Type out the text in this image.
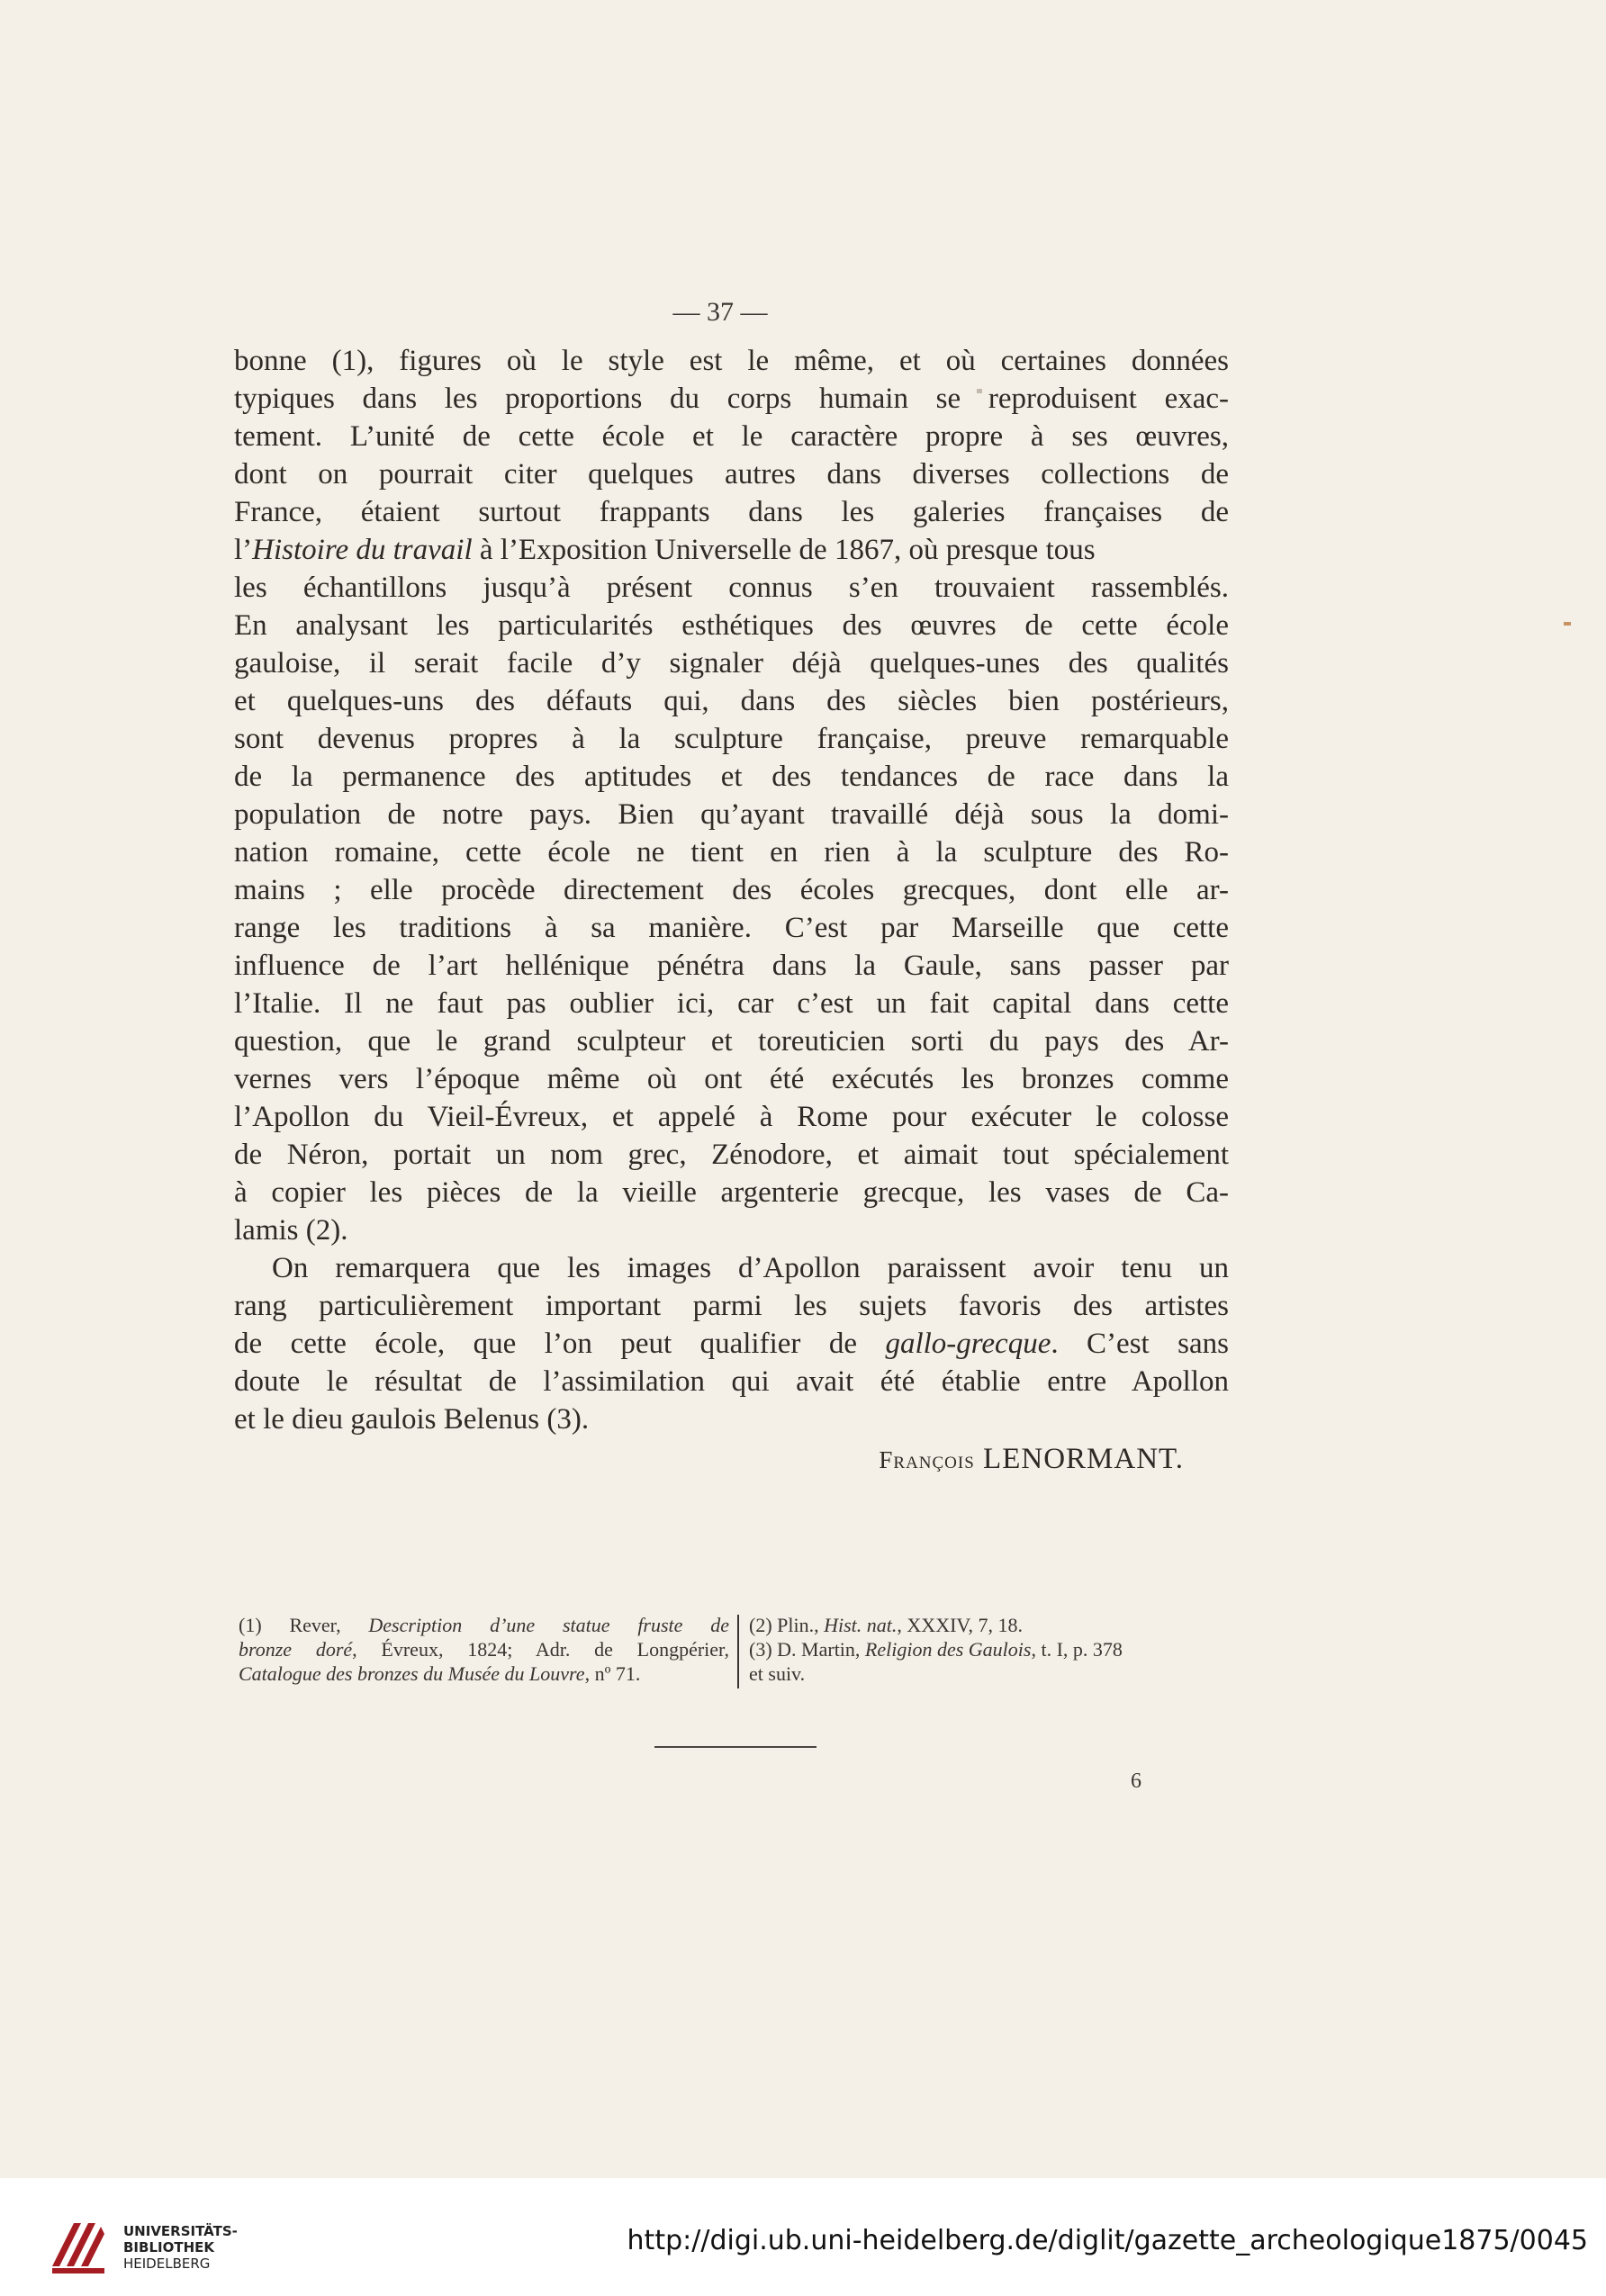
— 37 —
bonne (1), figures où le style est le même, et où certaines données
typiques dans les proportions du corps humain se reproduisent exac-
tement. L’unité de cette école et le caractère propre à ses œuvres,
dont on pourrait citer quelques autres dans diverses collections de
France, étaient surtout frappants dans les galeries françaises de
l’Histoire du travail à l’Exposition Universelle de 1867, où presque tous
les échantillons jusqu’à présent connus s’en trouvaient rassemblés.
En analysant les particularités esthétiques des œuvres de cette école
gauloise, il serait facile d’y signaler déjà quelques-unes des qualités
et quelques-uns des défauts qui, dans des siècles bien postérieurs,
sont devenus propres à la sculpture française, preuve remarquable
de la permanence des aptitudes et des tendances de race dans la
population de notre pays. Bien qu’ayant travaillé déjà sous la domi-
nation romaine, cette école ne tient en rien à la sculpture des Ro-
mains ; elle procède directement des écoles grecques, dont elle ar-
range les traditions à sa manière. C’est par Marseille que cette
influence de l’art hellénique pénétra dans la Gaule, sans passer par
l’Italie. Il ne faut pas oublier ici, car c’est un fait capital dans cette
question, que le grand sculpteur et toreuticien sorti du pays des Ar-
vernes vers l’époque même où ont été exécutés les bronzes comme
l’Apollon du Vieil-Évreux, et appelé à Rome pour exécuter le colosse
de Néron, portait un nom grec, Zénodore, et aimait tout spécialement
à copier les pièces de la vieille argenterie grecque, les vases de Ca-
lamis (2).
On remarquera que les images d’Apollon paraissent avoir tenu un
rang particulièrement important parmi les sujets favoris des artistes
de cette école, que l’on peut qualifier de gallo-grecque. C’est sans
doute le résultat de l’assimilation qui avait été établie entre Apollon
et le dieu gaulois Belenus (3).
François LENORMANT.
(1) Rever, Description d’une statue fruste de
bronze doré, Évreux, 1824; Adr. de Longpérier,
Catalogue des bronzes du Musée du Louvre, nº 71.
(2) Plin., Hist. nat., XXXIV, 7, 18.
(3) D. Martin, Religion des Gaulois, t. I, p. 378
et suiv.
6
UNIVERSITÄTS-
BIBLIOTHEK
HEIDELBERG
http://digi.ub.uni-heidelberg.de/diglit/gazette_archeologique1875/0045
